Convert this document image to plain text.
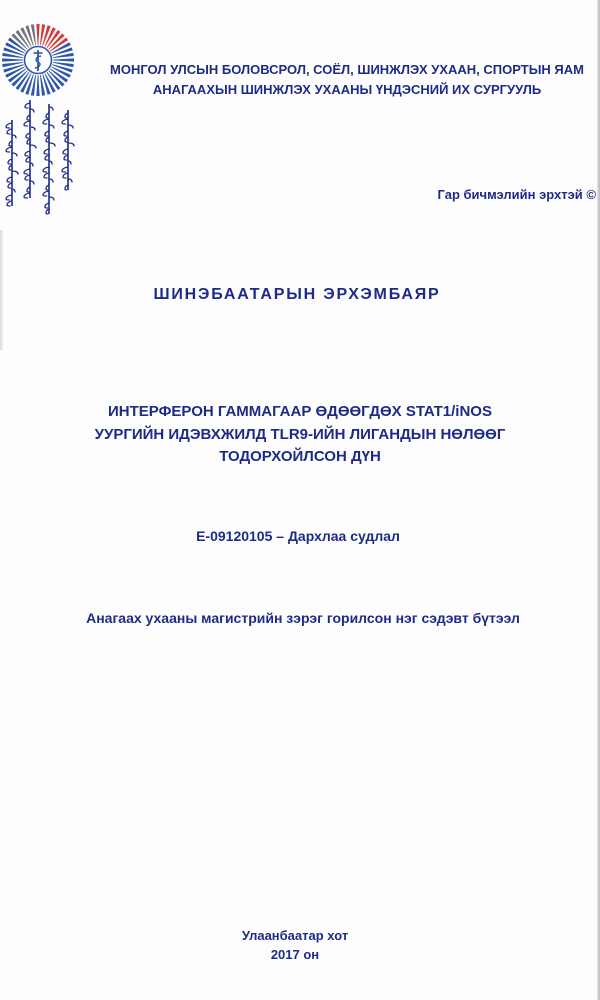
МОНГОЛ УЛСЫН БОЛОВСРОЛ, СОЁЛ, ШИНЖЛЭХ УХААН, СПОРТЫН ЯАМ
АНАГААХЫН ШИНЖЛЭХ УХААНЫ ҮНДЭСНИЙ ИХ СУРГУУЛЬ
Гар бичмэлийн эрхтэй ©
ШИНЭБААТАРЫН ЭРХЭМБАЯР
ИНТЕРФЕРОН ГАММАГААР ӨДӨӨГДӨХ STAT1/iNOS
УУРГИЙН ИДЭВХЖИЛД TLR9-ИЙН ЛИГАНДЫН НӨЛӨӨГ
ТОДОРХОЙЛСОН ДҮН
Е-09120105 – Дархлаа судлал
Анагаах ухааны магистрийн зэрэг горилсон нэг сэдэвт бүтээл
Улаанбаатар хот
2017 он
